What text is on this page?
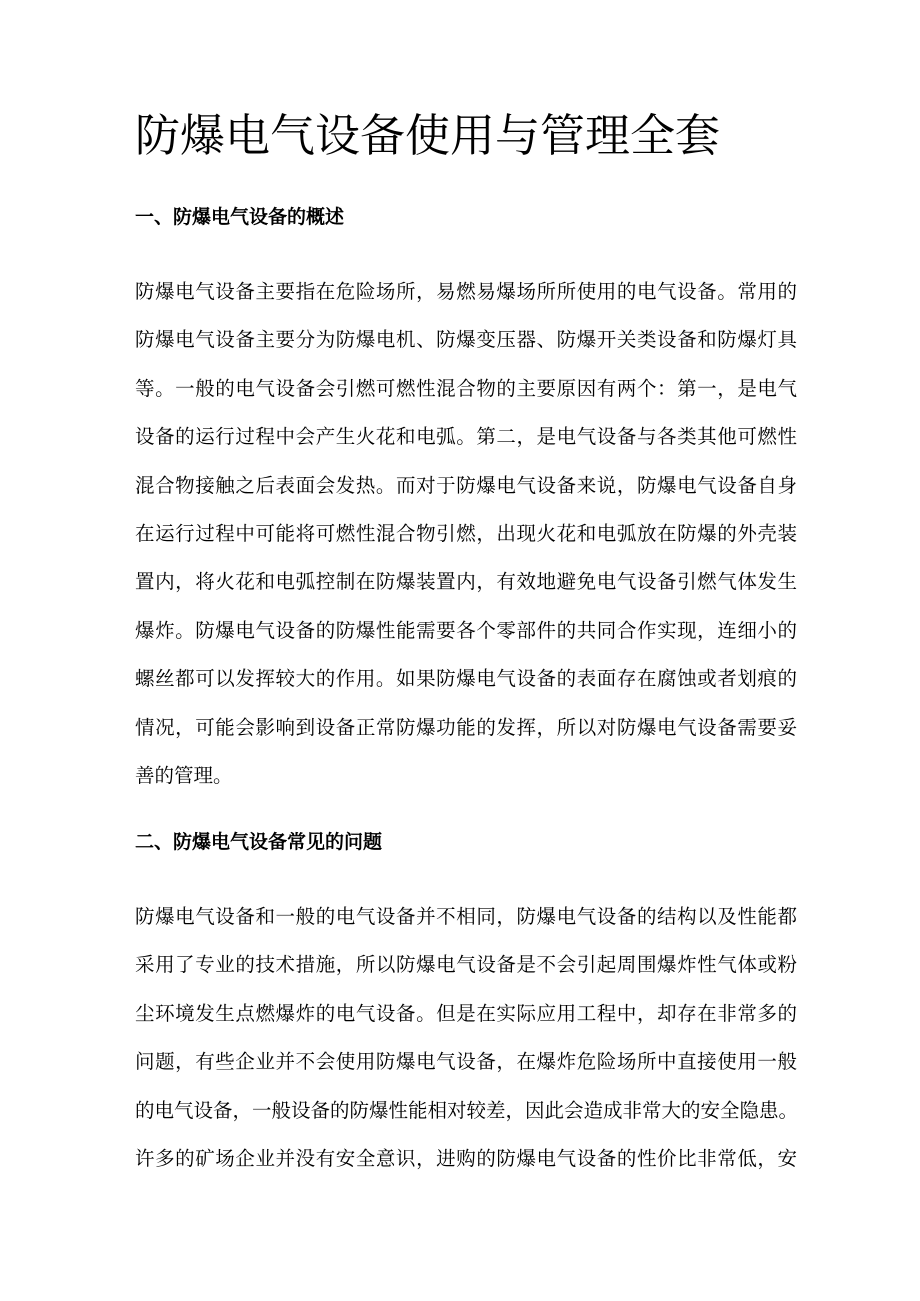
防爆电气设备使用与管理全套
一、防爆电气设备的概述
防爆电气设备主要指在危险场所，易燃易爆场所所使用的电气设备。常用的
防爆电气设备主要分为防爆电机、防爆变压器、防爆开关类设备和防爆灯具
等。一般的电气设备会引燃可燃性混合物的主要原因有两个：第一，是电气
设备的运行过程中会产生火花和电弧。第二，是电气设备与各类其他可燃性
混合物接触之后表面会发热。而对于防爆电气设备来说，防爆电气设备自身
在运行过程中可能将可燃性混合物引燃，出现火花和电弧放在防爆的外壳装
置内，将火花和电弧控制在防爆装置内，有效地避免电气设备引燃气体发生
爆炸。防爆电气设备的防爆性能需要各个零部件的共同合作实现，连细小的
螺丝都可以发挥较大的作用。如果防爆电气设备的表面存在腐蚀或者划痕的
情况，可能会影响到设备正常防爆功能的发挥，所以对防爆电气设备需要妥
善的管理。
二、防爆电气设备常见的问题
防爆电气设备和一般的电气设备并不相同，防爆电气设备的结构以及性能都
采用了专业的技术措施，所以防爆电气设备是不会引起周围爆炸性气体或粉
尘环境发生点燃爆炸的电气设备。但是在实际应用工程中，却存在非常多的
问题，有些企业并不会使用防爆电气设备，在爆炸危险场所中直接使用一般
的电气设备，一般设备的防爆性能相对较差，因此会造成非常大的安全隐患。
许多的矿场企业并没有安全意识，进购的防爆电气设备的性价比非常低，安
